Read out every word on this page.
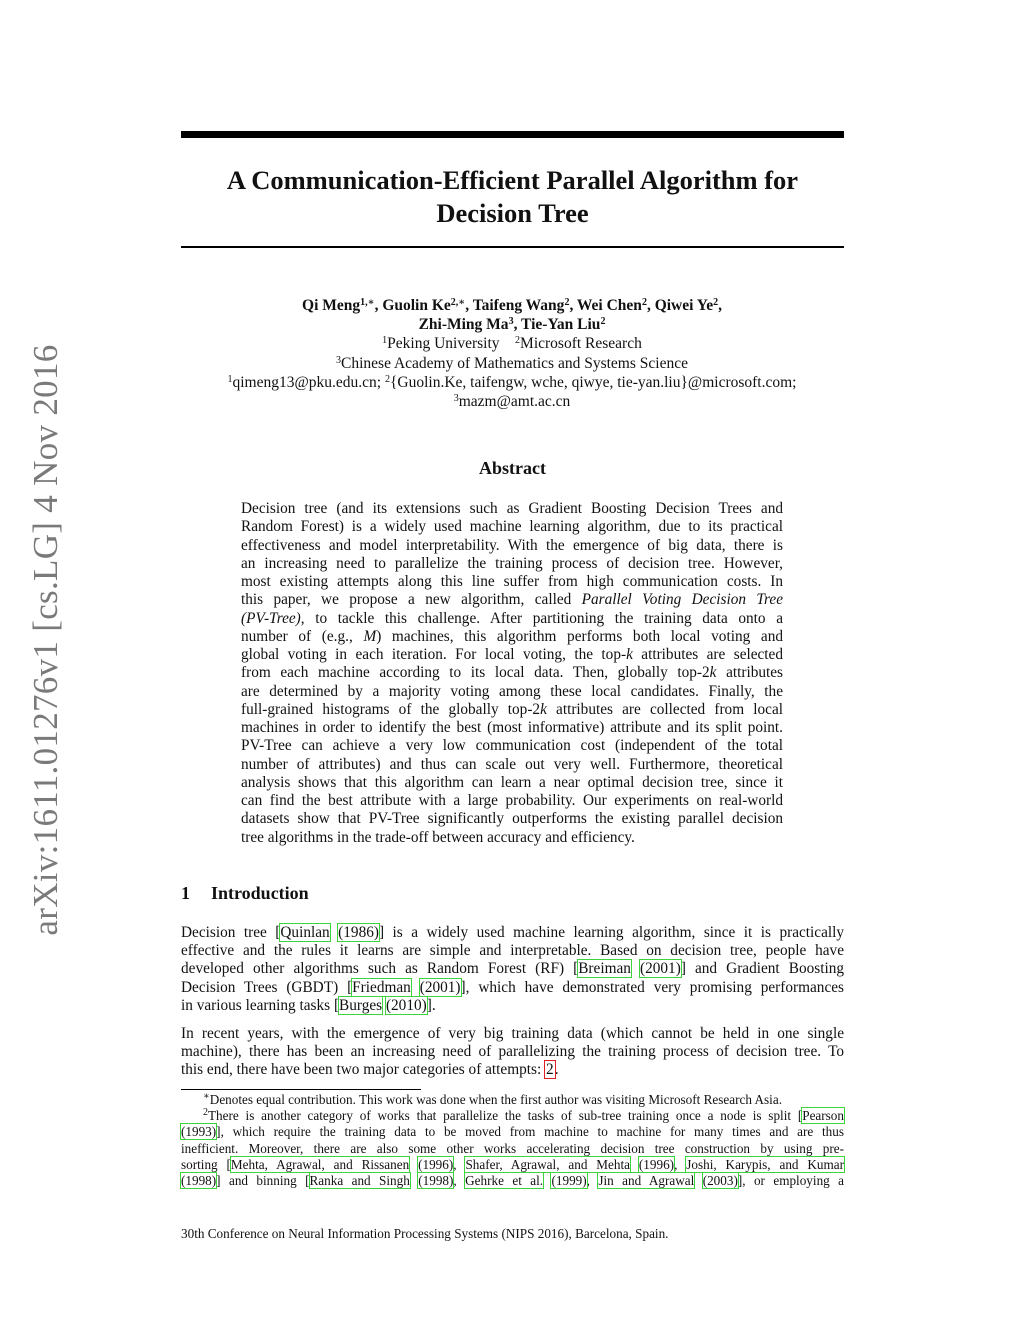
arXiv:1611.01276v1 [cs.LG] 4 Nov 2016
A Communication-Efficient Parallel Algorithm for
Decision Tree
Qi Meng$^{1,∗}$, Guolin $Ke^{2,∗}$, Taifeng Wang$^2$, Wei Chen$^2$, Qiwei Ye$^2$,
Zhi-Ming Ma$^3$, Tie-Yan Liu$^2$
$^1$Peking University $^2$Microsoft Research
$^3$Chinese Academy of Mathematics and Systems Science
$^1$qimeng13@pku.edu.cn; $^2${Guolin.Ke, taifengw, wche, qiwye, tie-yan.liu}@microsoft.com;
$^3$mazm@amt.ac.cn
Abstract
Decision tree (and its extensions such as Gradient Boosting Decision Trees and
Random Forest) is a widely used machine learning algorithm, due to its practical
effectiveness and model interpretability. With the emergence of big data, there is
an increasing need to parallelize the training process of decision tree. However,
most existing attempts along this line suffer from high communication costs. In
this paper, we propose a new algorithm, called Parallel Voting Decision Tree
(PV-Tree), to tackle this challenge. After partitioning the training data onto a
number of (e.g., M) machines, this algorithm performs both local voting and
global voting in each iteration. For local voting, the top-k attributes are selected
from each machine according to its local data. Then, globally top-2k attributes
are determined by a majority voting among these local candidates. Finally, the
full-grained histograms of the globally top-2k attributes are collected from local
machines in order to identify the best (most informative) attribute and its split point.
PV-Tree can achieve a very low communication cost (independent of the total
number of attributes) and thus can scale out very well. Furthermore, theoretical
analysis shows that this algorithm can learn a near optimal decision tree, since it
can find the best attribute with a large probability. Our experiments on real-world
datasets show that PV-Tree significantly outperforms the existing parallel decision
tree algorithms in the trade-off between accuracy and efficiency.
1 Introduction
Decision tree [Quinlan (1986)] is a widely used machine learning algorithm, since it is practically
effective and the rules it learns are simple and interpretable. Based on decision tree, people have
developed other algorithms such as Random Forest (RF) [Breiman (2001)] and Gradient Boosting
Decision Trees (GBDT) [Friedman (2001)], which have demonstrated very promising performances
in various learning tasks [Burges (2010)].
In recent years, with the emergence of very big training data (which cannot be held in one single
machine), there has been an increasing need of parallelizing the training process of decision tree. To
this end, there have been two major categories of attempts: 2.
∗Denotes equal contribution. This work was done when the first author was visiting Microsoft Research Asia.
$^2$There is another category of works that parallelize the tasks of sub-tree training once a node is split [Pearson
(1993)], which require the training data to be moved from machine to machine for many times and are thus
inefficient. Moreover, there are also some other works accelerating decision tree construction by using pre-
sorting [Mehta, Agrawal, and Rissanen (1996), Shafer, Agrawal, and Mehta (1996), Joshi, Karypis, and Kumar
(1998)] and binning [Ranka and Singh (1998), Gehrke et al. (1999), Jin and Agrawal (2003)], or employing a
30th Conference on Neural Information Processing Systems (NIPS 2016), Barcelona, Spain.
